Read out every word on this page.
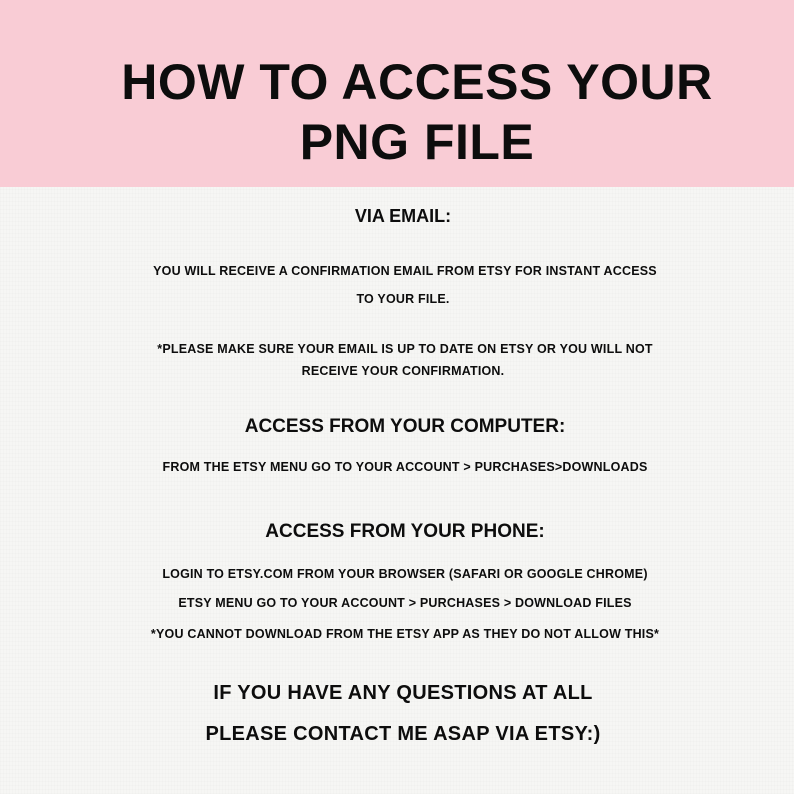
HOW TO ACCESS YOUR
PNG FILE
VIA EMAIL:
YOU WILL RECEIVE A CONFIRMATION EMAIL FROM ETSY FOR INSTANT ACCESS
TO YOUR FILE.
*PLEASE MAKE SURE YOUR EMAIL IS UP TO DATE ON ETSY OR YOU WILL NOT
RECEIVE YOUR CONFIRMATION.
ACCESS FROM YOUR COMPUTER:
FROM THE ETSY MENU GO TO YOUR ACCOUNT > PURCHASES>DOWNLOADS
ACCESS FROM YOUR PHONE:
LOGIN TO ETSY.COM FROM YOUR BROWSER (SAFARI OR GOOGLE CHROME)
ETSY MENU GO TO YOUR ACCOUNT > PURCHASES > DOWNLOAD FILES
*YOU CANNOT DOWNLOAD FROM THE ETSY APP AS THEY DO NOT ALLOW THIS*
IF YOU HAVE ANY QUESTIONS AT ALL
PLEASE CONTACT ME ASAP VIA ETSY:)
